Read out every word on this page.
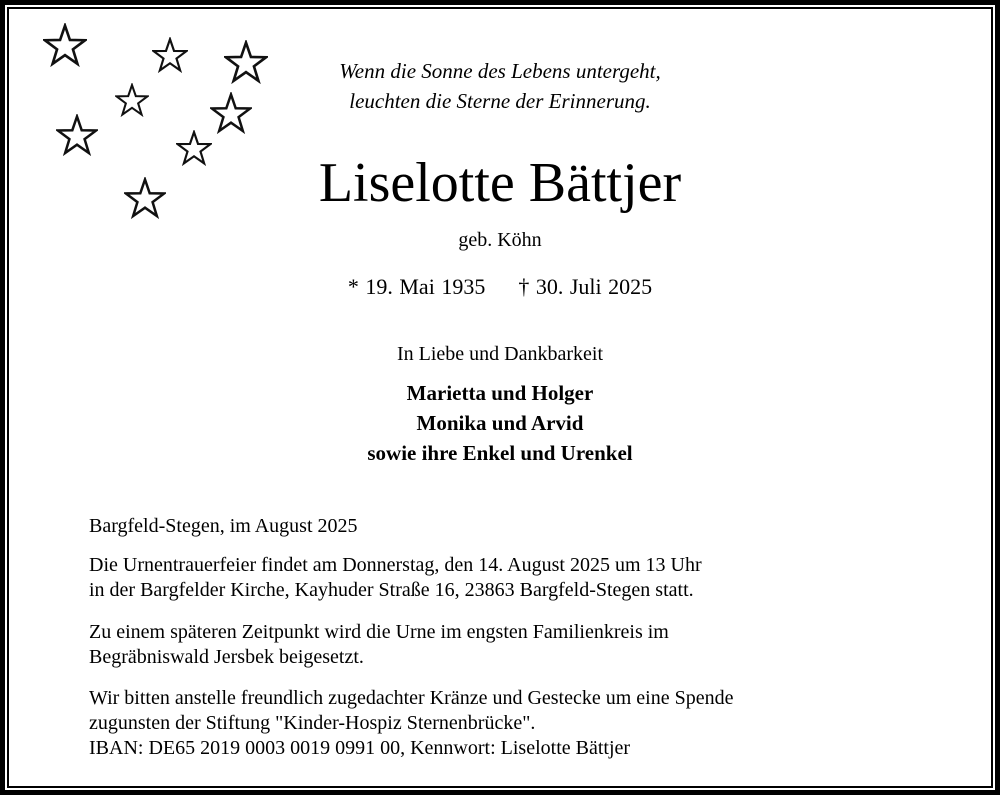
Wenn die Sonne des Lebens untergeht,
leuchten die Sterne der Erinnerung.
Liselotte Bättjer
geb. Köhn
* 19. Mai 1935 † 30. Juli 2025
In Liebe und Dankbarkeit
Marietta und Holger
Monika und Arvid
sowie ihre Enkel und Urenkel
Bargfeld-Stegen, im August 2025
Die Urnentrauerfeier findet am Donnerstag, den 14. August 2025 um 13 Uhr
in der Bargfelder Kirche, Kayhuder Straße 16, 23863 Bargfeld-Stegen statt.
Zu einem späteren Zeitpunkt wird die Urne im engsten Familienkreis im
Begräbniswald Jersbek beigesetzt.
Wir bitten anstelle freundlich zugedachter Kränze und Gestecke um eine Spende
zugunsten der Stiftung "Kinder-Hospiz Sternenbrücke".
IBAN: DE65 2019 0003 0019 0991 00, Kennwort: Liselotte Bättjer
